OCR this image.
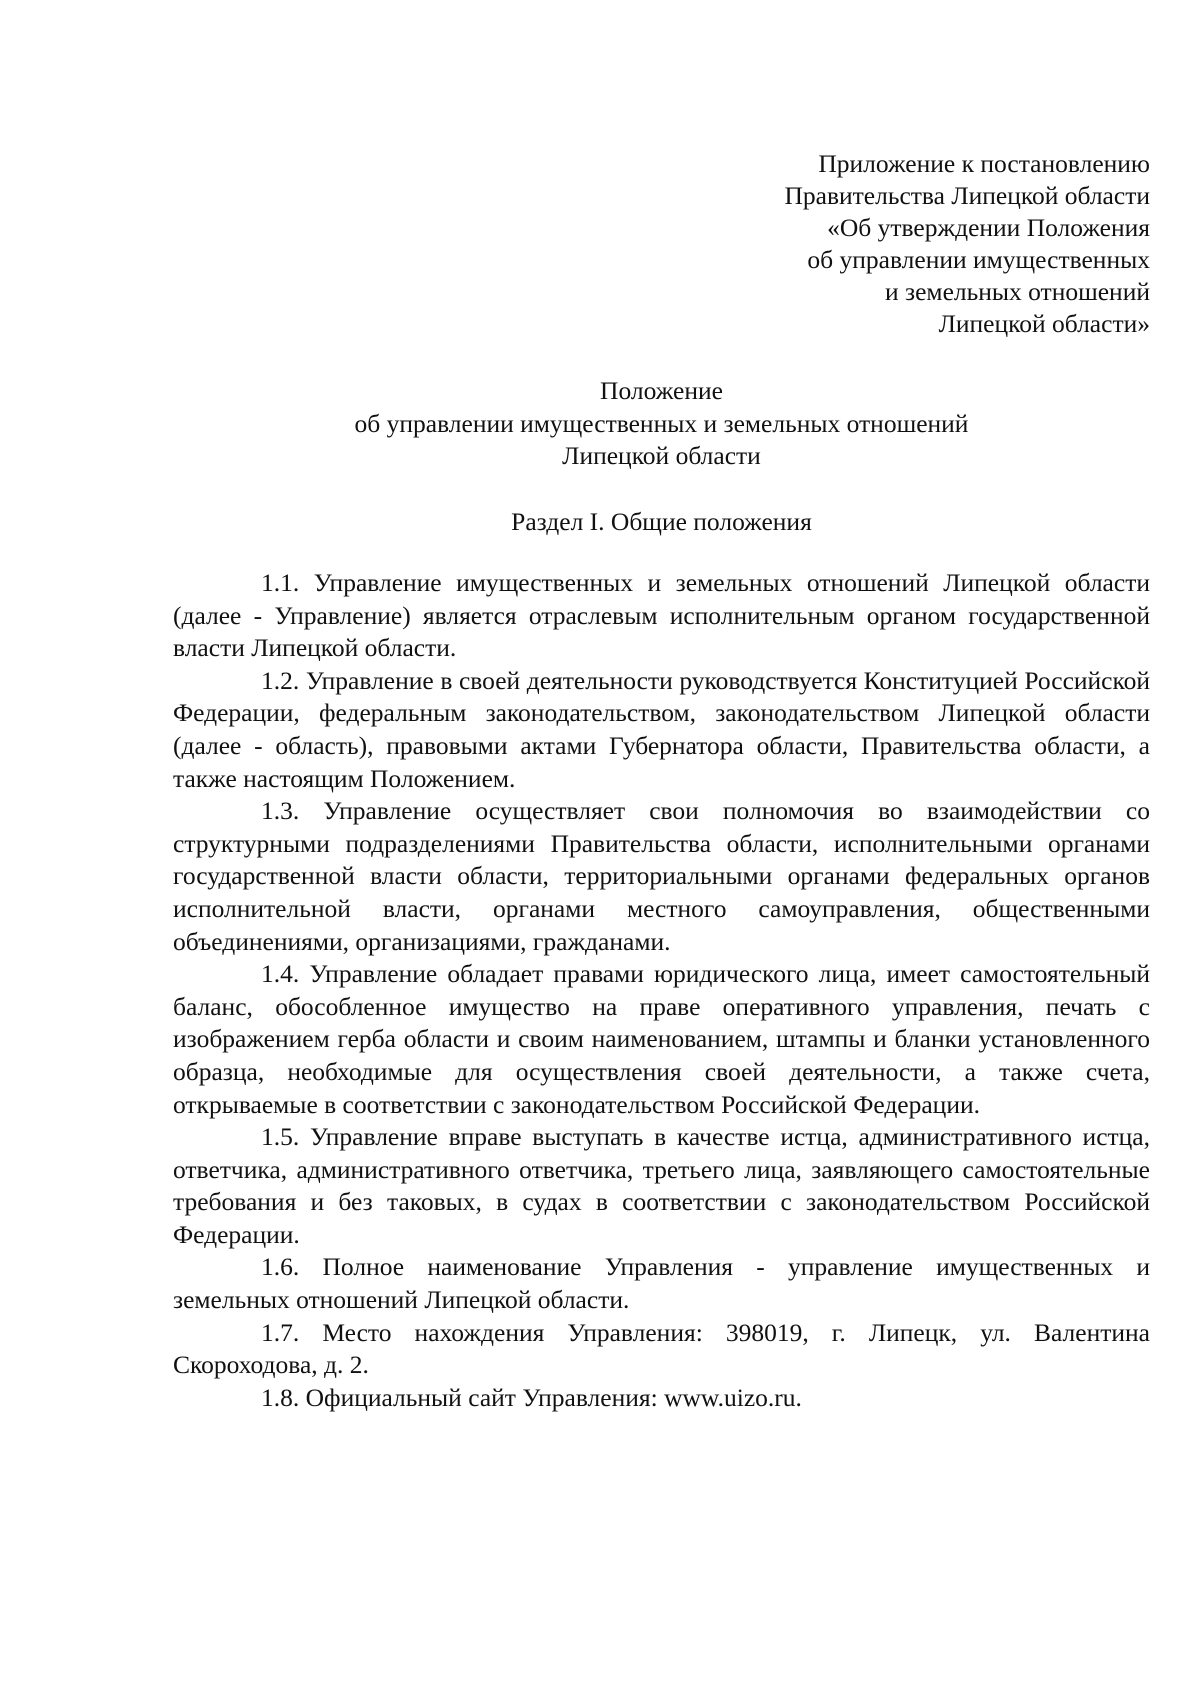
Приложение к постановлению
Правительства Липецкой области
«Об утверждении Положения
об управлении имущественных
и земельных отношений
Липецкой области»
Положение
об управлении имущественных и земельных отношений
Липецкой области
Раздел I. Общие положения

1.1. Управление имущественных и земельных отношений Липецкой области (далее - Управление) является отраслевым исполнительным органом государственной власти Липецкой области.

1.2. Управление в своей деятельности руководствуется Конституцией Российской Федерации, федеральным законодательством, законодательством Липецкой области (далее - область), правовыми актами Губернатора области, Правительства области, а также настоящим Положением.

1.3. Управление осуществляет свои полномочия во взаимодействии со структурными подразделениями Правительства области, исполнительными органами государственной власти области, территориальными органами федеральных органов исполнительной власти, органами местного самоуправления, общественными объединениями, организациями, гражданами.

1.4. Управление обладает правами юридического лица, имеет самостоятельный баланс, обособленное имущество на праве оперативного управления, печать с изображением герба области и своим наименованием, штампы и бланки установленного образца, необходимые для осуществления своей деятельности, а также счета, открываемые в соответствии с законодательством Российской Федерации.

1.5. Управление вправе выступать в качестве истца, административного истца, ответчика, административного ответчика, третьего лица, заявляющего самостоятельные требования и без таковых, в судах в соответствии с законодательством Российской Федерации.

1.6. Полное наименование Управления - управление имущественных и земельных отношений Липецкой области.

1.7. Место нахождения Управления: 398019, г. Липецк, ул. Валентина Скороходова, д. 2.

1.8. Официальный сайт Управления: www.uizo.ru.
